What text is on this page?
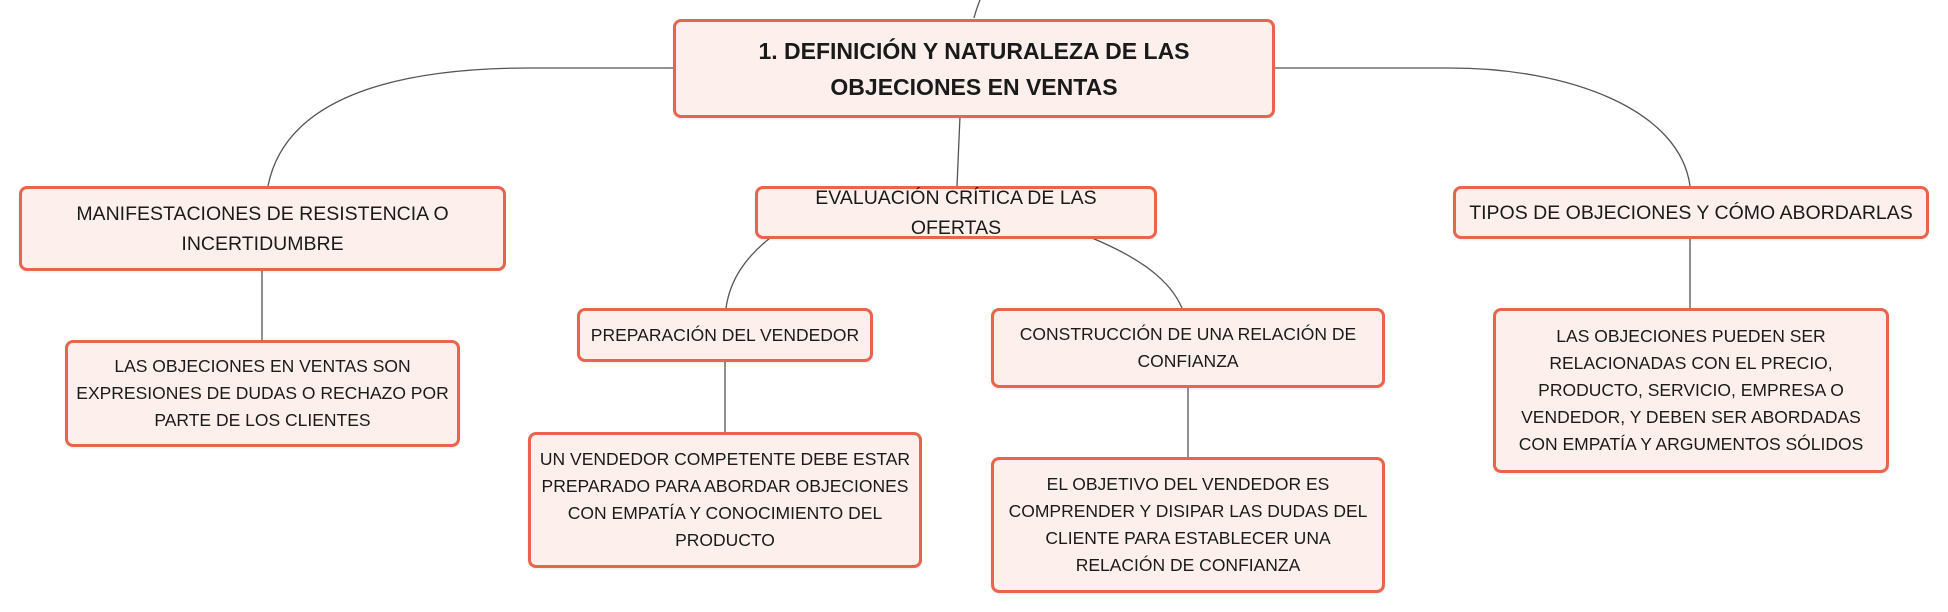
1. DEFINICIÓN Y NATURALEZA DE LAS OBJECIONES EN VENTAS
MANIFESTACIONES DE RESISTENCIA O INCERTIDUMBRE
LAS OBJECIONES EN VENTAS SON EXPRESIONES DE DUDAS O RECHAZO POR PARTE DE LOS CLIENTES
EVALUACIÓN CRÍTICA DE LAS OFERTAS
PREPARACIÓN DEL VENDEDOR
UN VENDEDOR COMPETENTE DEBE ESTAR PREPARADO PARA ABORDAR OBJECIONES CON EMPATÍA Y CONOCIMIENTO DEL PRODUCTO
CONSTRUCCIÓN DE UNA RELACIÓN DE CONFIANZA
EL OBJETIVO DEL VENDEDOR ES COMPRENDER Y DISIPAR LAS DUDAS DEL CLIENTE PARA ESTABLECER UNA RELACIÓN DE CONFIANZA
TIPOS DE OBJECIONES Y CÓMO ABORDARLAS
LAS OBJECIONES PUEDEN SER RELACIONADAS CON EL PRECIO, PRODUCTO, SERVICIO, EMPRESA O VENDEDOR, Y DEBEN SER ABORDADAS CON EMPATÍA Y ARGUMENTOS SÓLIDOS
